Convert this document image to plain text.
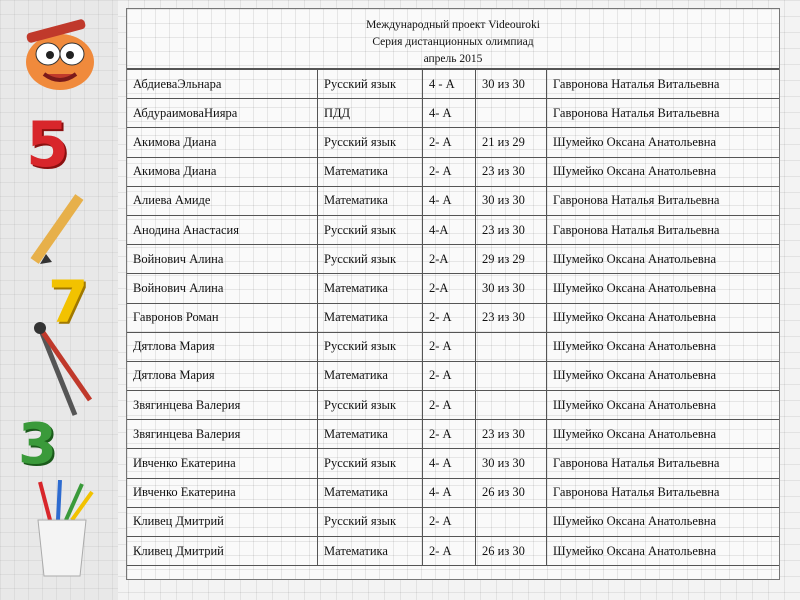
5
7
3
Международный проект Videouroki
Серия дистанционных олимпиад
апрель 2015
АбдиеваЭльнара	Русский язык	4 - А	30 из 30	Гавронова Наталья Витальевна
АбдураимоваНияра	ПДД	4- А		Гавронова Наталья Витальевна
Акимова Диана	Русский язык	2- А	21 из 29	Шумейко Оксана Анатольевна
Акимова Диана	Математика	2- А	23 из 30	Шумейко Оксана Анатольевна
Алиева Амиде	Математика	4- А	30 из 30	Гавронова Наталья Витальевна
Анодина Анастасия	Русский язык	4-А	23 из 30	Гавронова Наталья Витальевна
Войнович Алина	Русский язык	2-А	29 из 29	Шумейко Оксана Анатольевна
Войнович Алина	Математика	2-А	30 из 30	Шумейко Оксана Анатольевна
Гавронов Роман	Математика	2- А	23 из 30	Шумейко Оксана Анатольевна
Дятлова Мария	Русский язык	2- А		Шумейко Оксана Анатольевна
Дятлова Мария	Математика	2- А		Шумейко Оксана Анатольевна
Звягинцева Валерия	Русский язык	2- А		Шумейко Оксана Анатольевна
Звягинцева Валерия	Математика	2- А	23 из 30	Шумейко Оксана Анатольевна
Ивченко Екатерина	Русский язык	4- А	30 из 30	Гавронова Наталья Витальевна
Ивченко Екатерина	Математика	4- А	26 из 30	Гавронова Наталья Витальевна
Кливец Дмитрий	Русский язык	2- А		Шумейко Оксана Анатольевна
Кливец Дмитрий	Математика	2- А	26 из 30	Шумейко Оксана Анатольевна
